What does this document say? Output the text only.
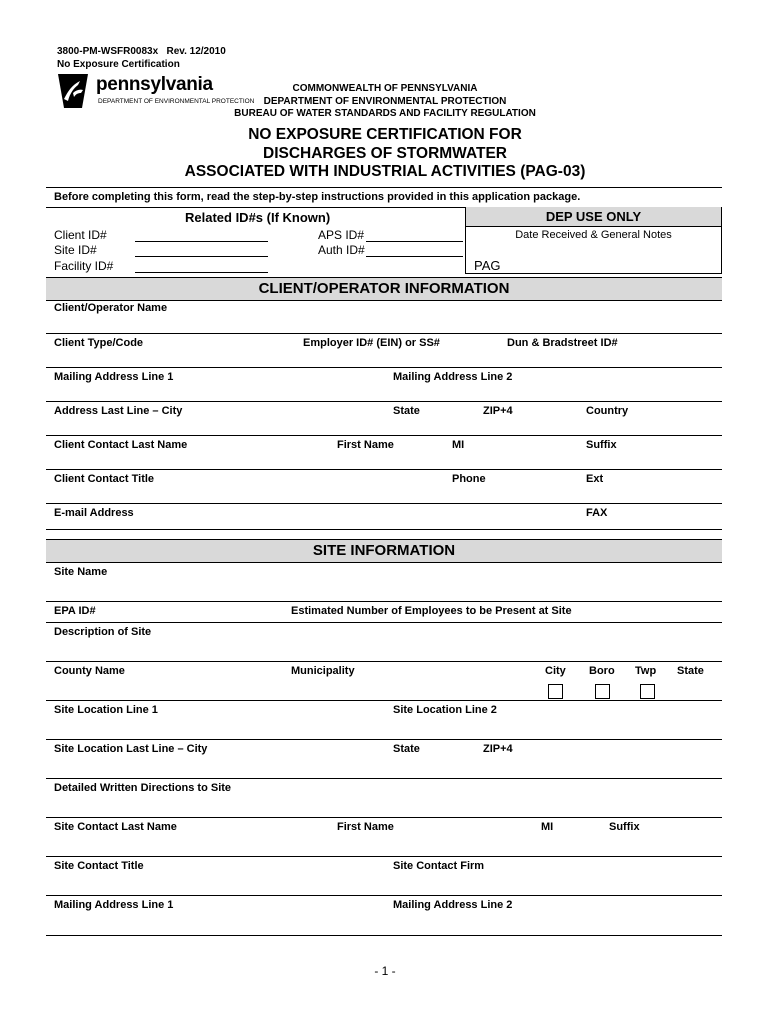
3800-PM-WSFR0083x Rev. 12/2010
No Exposure Certification
pennsylvania
DEPARTMENT OF ENVIRONMENTAL PROTECTION
COMMONWEALTH OF PENNSYLVANIA
DEPARTMENT OF ENVIRONMENTAL PROTECTION
BUREAU OF WATER STANDARDS AND FACILITY REGULATION
NO EXPOSURE CERTIFICATION FOR
DISCHARGES OF STORMWATER
ASSOCIATED WITH INDUSTRIAL ACTIVITIES (PAG-03)
Before completing this form, read the step-by-step instructions provided in this application package.
DEP USE ONLY
Date Received & General Notes
PAG
Related ID#s (If Known)
Client ID#
Site ID#
Facility ID#
APS ID#
Auth ID#
CLIENT/OPERATOR INFORMATION
Client/Operator Name
Client Type/Code	Employer ID# (EIN) or SS#	Dun & Bradstreet ID#
Mailing Address Line 1	Mailing Address Line 2
Address Last Line – City	State	ZIP+4	Country
Client Contact Last Name	First Name	MI	Suffix
Client Contact Title	Phone	Ext
E-mail Address	FAX
SITE INFORMATION
Site Name
EPA ID#	Estimated Number of Employees to be Present at Site
Description of Site
County Name	Municipality	City Boro Twp State
Site Location Line 1	Site Location Line 2
Site Location Last Line – City	State	ZIP+4
Detailed Written Directions to Site
Site Contact Last Name	First Name	MI	Suffix
Site Contact Title	Site Contact Firm
Mailing Address Line 1	Mailing Address Line 2
- 1 -
